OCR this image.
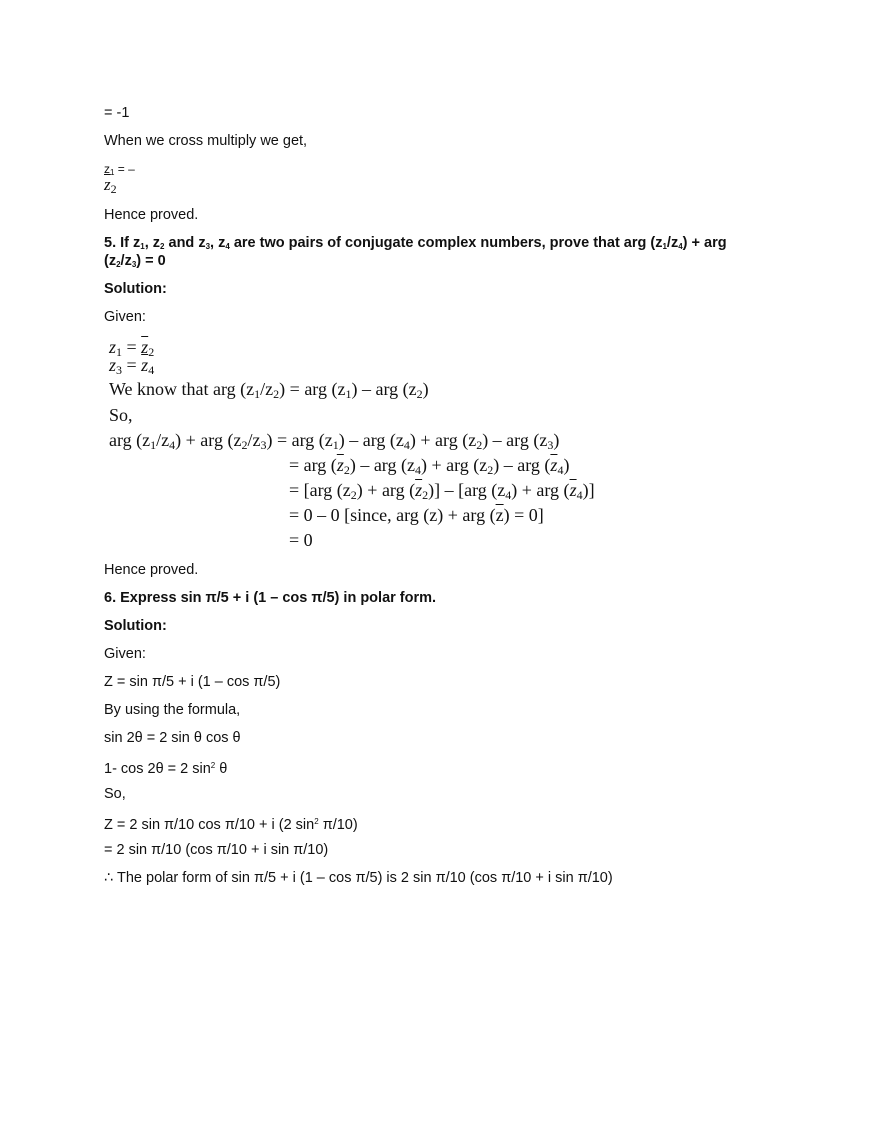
= -1
When we cross multiply we get,
$z_1$ = –
$\overline{z}2$
Hence proved.
5. If $z_1$, $z_2$ and $z_3$, $z_4$ are two pairs of conjugate complex numbers, prove that arg $(z_1/z_4)$ + arg
$(z_2/z_3) = 0$
Solution:
Given:
$z1 = \overline{z}2$
$z3 = \overline{z}4$
We know that arg (z1/z2) = arg (z1) – arg (z2)
So,
arg (z1/z4) + arg (z2/z3) = arg (z1) – arg (z4) + arg (z2) – arg (z3)
= arg $(\overline{z}2)$ – arg (z4) + arg (z2) – arg $(\overline{z}4)$
= [arg (z2) + arg $(\overline{z}2)] - [arg$ (z4) + arg $(\overline{z}4)$]
= 0 – 0 [since, arg (z) + arg $(\overline{z}) = 0$]
= 0
Hence proved.
6. Express sin π/5 + i (1 – cos π/5) in polar form.
Solution:
Given:
Z = sin π/5 + i (1 – cos π/5)
By using the formula,
sin 2θ = 2 sin θ cos θ
1- cos 2θ = 2 $\sin^2 \theta$
So,
Z = 2 sin π/10 cos π/10 + i (2 $\sin^2 \pi/10$)
= 2 sin π/10 (cos π/10 + i sin π/10)
∴ The polar form of sin π/5 + i (1 – cos π/5) is 2 sin π/10 (cos π/10 + i sin π/10)
